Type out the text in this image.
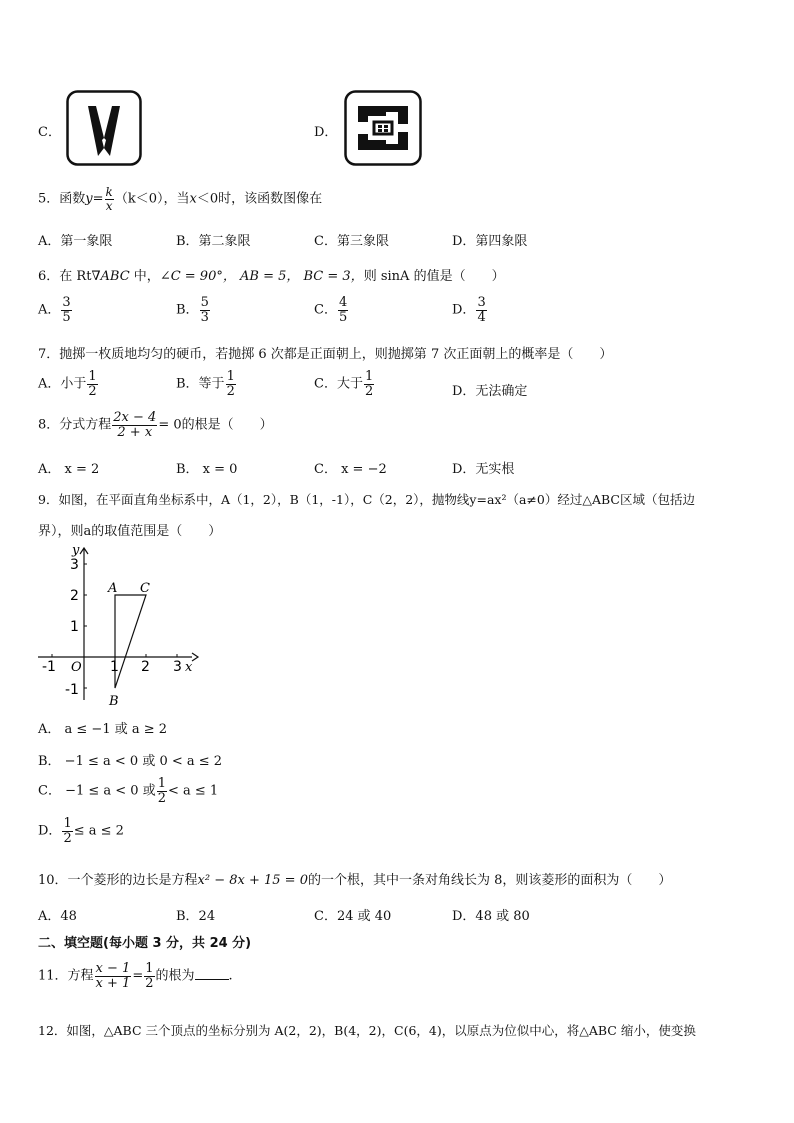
C．	D．
5．函数$y= \frac{k}{x} (k<0)$，当x＜0时，该函数图像在
A．第一象限	B．第二象限	C．第三象限	D．第四象限
6．在 Rt∇ABC 中，∠C = 90°， AB = 5， BC = 3，则 sinA 的值是（　　）
A． $\frac{3}{5}$	B． $\frac{5}{3}$	C． $\frac{4}{5}$	D． $\frac{3}{4}$
7．抛掷一枚质地均匀的硬币，若抛掷 6 次都是正面朝上，则抛掷第 7 次正面朝上的概率是（　　）
A．小于 $\frac{1}{2}$	B．等于 $\frac{1}{2}$	C．大于 $\frac{1}{2}$	D．无法确定
8．分式方程 $\frac{2x - 4}{2 + x} = 0$的根是（　　）
A． x = 2	B． x = 0	C． x = −2	D．无实根
9．如图，在平面直角坐标系中，A（1，2），B（1，-1），C（2，2），抛物线y=ax²（a≠0）经过△ABC区域（包括边
界），则a的取值范围是（　　）
y
x
O
3
2
1
-1
-1	1 2 3
A C
B
A． a ≤ −1 或 a ≥ 2
B． −1 ≤ a < 0 或 0 < a ≤ 2
C． −1 ≤ a < 0 或 $\frac{1}{2} < a \le 1$
D． $\frac{1}{2} \le a \le 2$
10．一个菱形的边长是方程x² − 8x + 15 = 0的一个根，其中一条对角线长为 8，则该菱形的面积为（　　）
A．48	B．24	C．24 或 40	D．48 或 80
二、填空题(每小题 3 分，共 24 分)
11．方程 $\frac{x - 1}{x + 1} = \frac{1}{2}$ 的根为	.
12．如图，△ABC 三个顶点的坐标分别为 A(2，2)，B(4，2)，C(6，4)，以原点为位似中心，将△ABC 缩小，使变换
